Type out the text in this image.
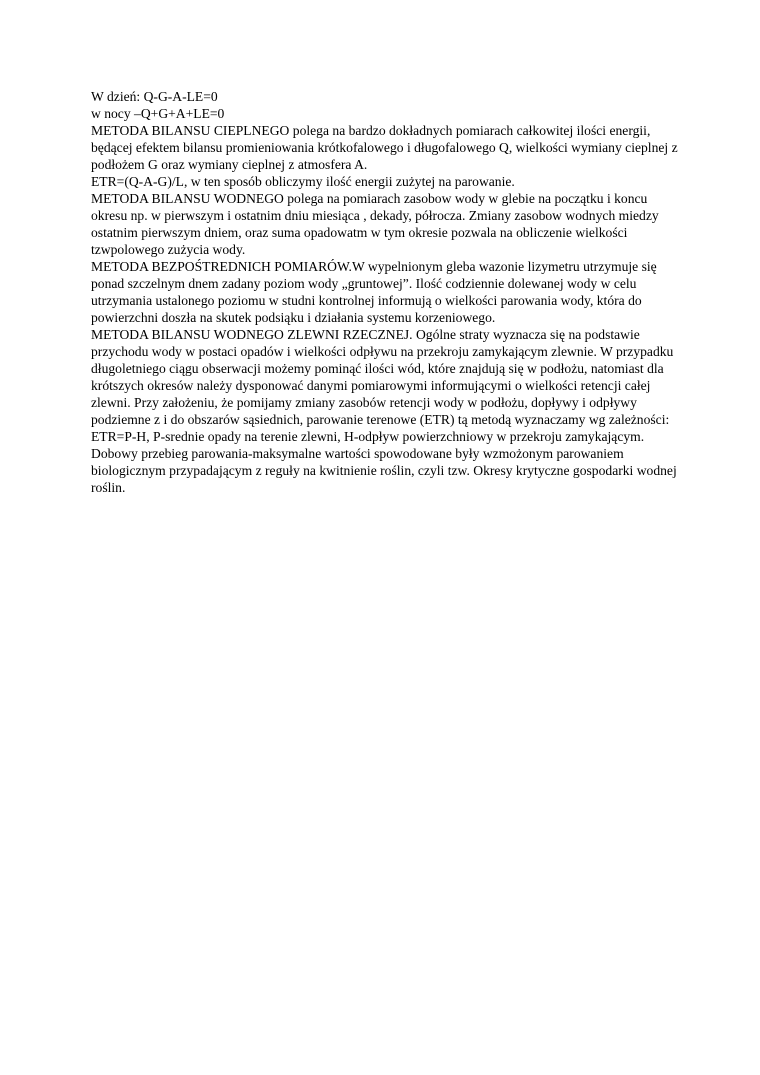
W dzień: Q-G-A-LE=0

w nocy –Q+G+A+LE=0

METODA BILANSU CIEPLNEGO polega na bardzo dokładnych pomiarach całkowitej ilości energii, będącej efektem bilansu promieniowania krótkofalowego i długofalowego Q, wielkości wymiany cieplnej z podłożem G oraz wymiany cieplnej z atmosfera A.

ETR=(Q-A-G)/L, w ten sposób obliczymy ilość energii zużytej na parowanie.

METODA BILANSU WODNEGO polega na pomiarach zasobow wody w glebie na początku i koncu okresu np. w pierwszym i ostatnim dniu miesiąca , dekady, półrocza. Zmiany zasobow wodnych miedzy ostatnim pierwszym dniem, oraz suma opadowatm w tym okresie pozwala na obliczenie wielkości tzwpolowego zużycia wody.

METODA BEZPOŚTREDNICH POMIARÓW.W wypelnionym gleba wazonie lizymetru utrzymuje się ponad szczelnym dnem zadany poziom wody „gruntowej”. Ilość codziennie dolewanej wody w celu utrzymania ustalonego poziomu w studni kontrolnej informują o wielkości parowania wody, która do powierzchni doszła na skutek podsiąku i działania systemu korzeniowego.

METODA BILANSU WODNEGO ZLEWNI RZECZNEJ. Ogólne straty wyznacza się na podstawie przychodu wody w postaci opadów i wielkości odpływu na przekroju zamykającym zlewnie. W przypadku długoletniego ciągu obserwacji możemy pominąć ilości wód, które znajdują się w podłożu, natomiast dla krótszych okresów należy dysponować danymi pomiarowymi informującymi o wielkości retencji całej zlewni. Przy założeniu, że pomijamy zmiany zasobów retencji wody w podłożu, dopływy i odpływy podziemne z i do obszarów sąsiednich, parowanie terenowe (ETR) tą metodą wyznaczamy wg zależności: ETR=P-H, P-srednie opady na terenie zlewni, H-odpływ powierzchniowy w przekroju zamykającym.

Dobowy przebieg parowania-maksymalne wartości spowodowane były wzmożonym parowaniem biologicznym przypadającym z reguły na kwitnienie roślin, czyli tzw. Okresy krytyczne gospodarki wodnej roślin.
